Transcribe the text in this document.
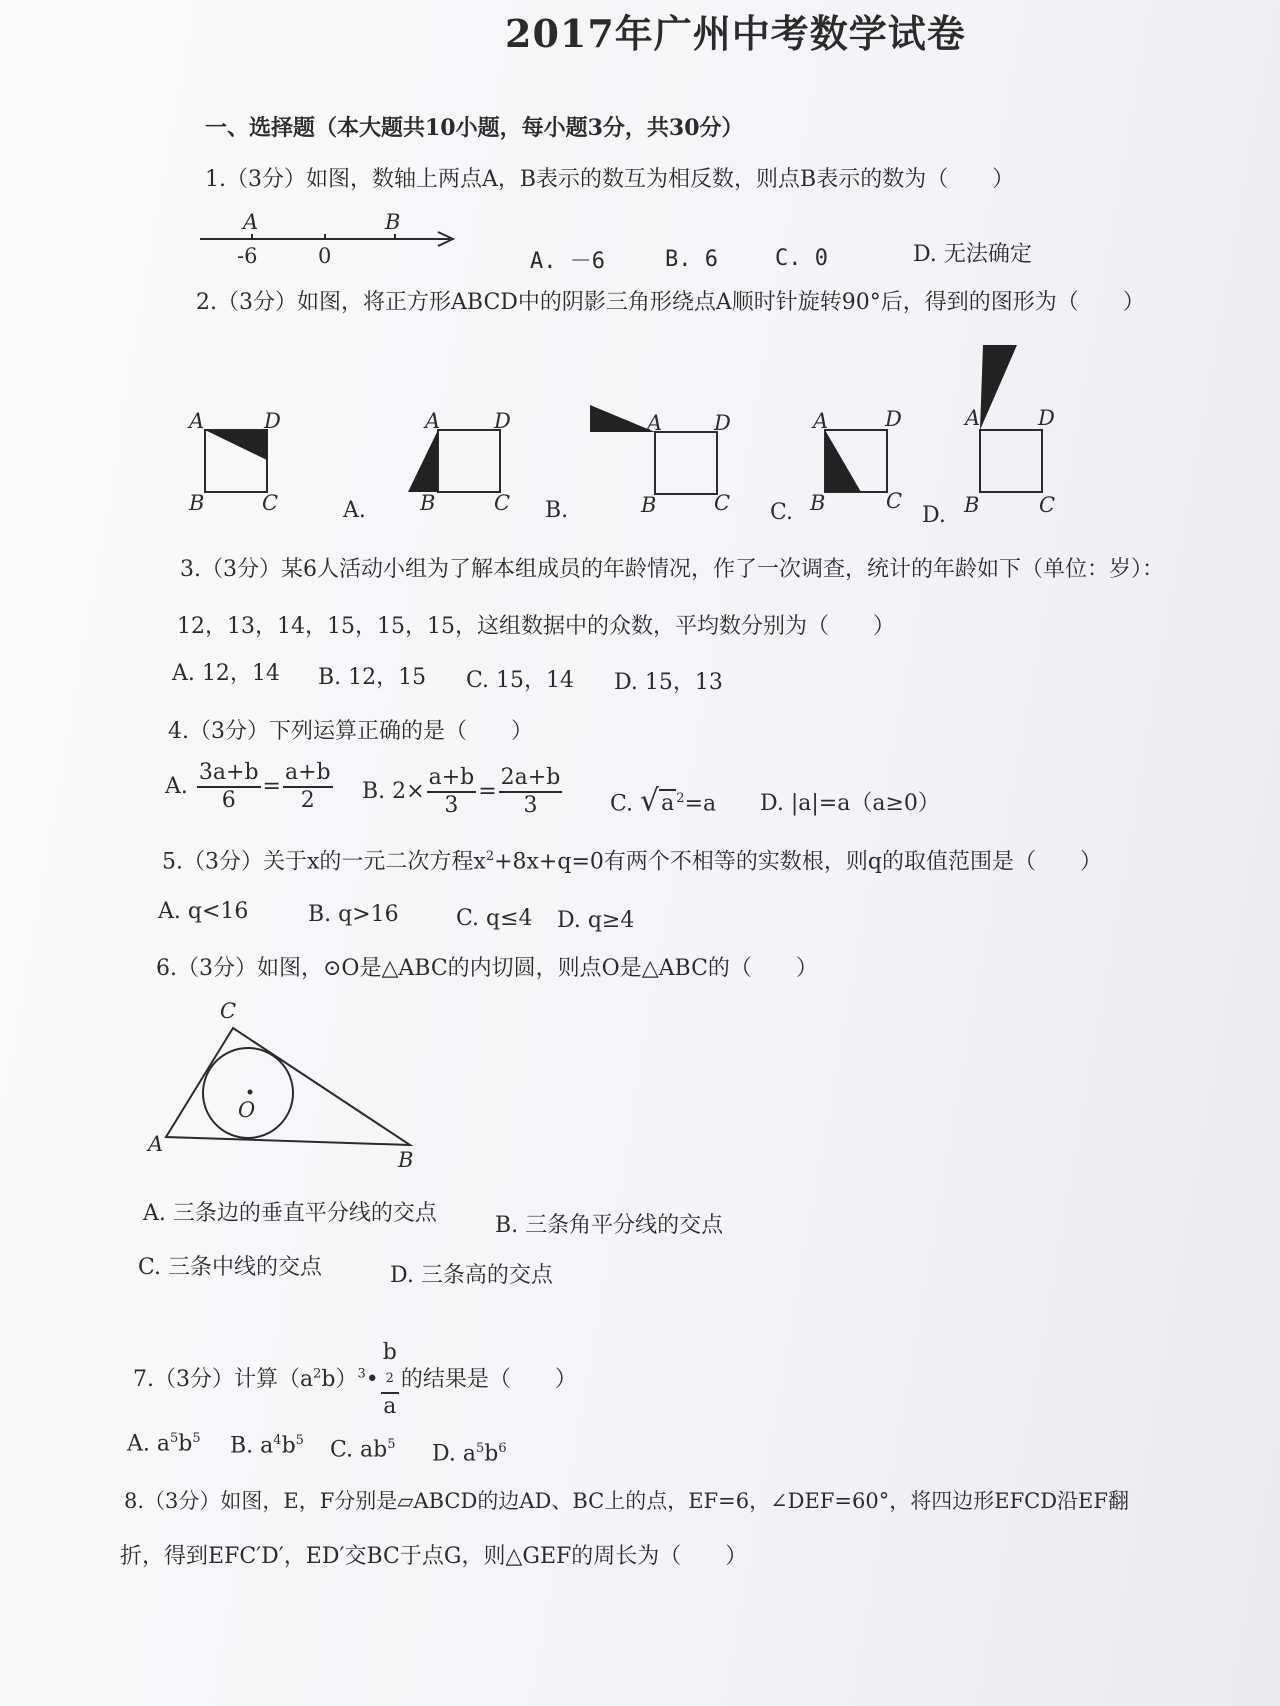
2017年广州中考数学试卷
一、选择题（本大题共10小题，每小题3分，共30分）
1.（3分）如图，数轴上两点A，B表示的数互为相反数，则点B表示的数为（　　）
A	B
-6	0	A. －6	B. 6	C. 0	D. 无法确定
2.（3分）如图，将正方形ABCD中的阴影三角形绕点A顺时针旋转90°后，得到的图形为（　　）
A	D
B	C	A.
A	D
B	C B.
A D
B	C C.
A	D
B	C
D.
A	D
B	C
3.（3分）某6人活动小组为了解本组成员的年龄情况，作了一次调查，统计的年龄如下（单位：岁）：
12，13，14，15，15，15，这组数据中的众数，平均数分别为（　　）
A. 12，14 B. 12，15 C. 15，14 D. 15，13
4.（3分）下列运算正确的是（　　）
A. $\frac{3a+b}{6} = \frac{a+b}{2} B$. $2\times \frac{a+b}{3} = \frac{2a+b}{3} C$. √a $^2$=a D. |a|=a（a≥0）
5.（3分）关于x的一元二次方程$x^2+8x+q=0$有两个不相等的实数根，则q的取值范围是（　　）
A. q<16	B. q>16	C. q≤4 D. q≥4
6.（3分）如图，⊙O是△ABC的内切圆，则点O是△ABC的（　　）
A
B
C
O
A. 三条边的垂直平分线的交点	B. 三条角平分线的交点
C. 三条中线的交点	D. 三条高的交点
7.（3分）计算$(a^2b)^3•$ b
2
a 的结果是（　　）
A. $a^5b^5$ B. $a^4b^5$ C. $ab^5$ D. $a^5b^6$
8.（3分）如图，E，F分别是▱ABCD的边AD、BC上的点，EF=6，∠DEF=60°，将四边形EFCD沿EF翻
折，得到EFC′D′，ED′交BC于点G，则△GEF的周长为（　　）
